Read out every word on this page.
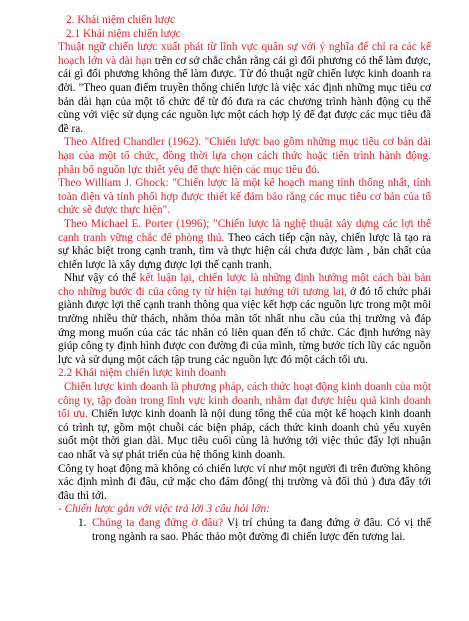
2. Khái niệm chiến lược

2.1 Khái niệm chiến lược

Thuật ngữ chiến lược xuất phát từ lĩnh vực quân sự với ý nghĩa để chỉ ra các kế hoạch lớn và dài hạn trên cơ sở chắc chắn rằng cái gì đối phương có thể làm được, cái gì đối phương không thể làm được. Từ đó thuật ngữ chiến lược kinh doanh ra đời. "Theo quan điểm truyền thống chiến lược là việc xác định những mục tiêu cơ bản dài hạn của một tổ chức để từ đó đưa ra các chương trình hành động cụ thể cùng với việc sử dụng các nguồn lực một cách hợp lý để đạt được các mục tiêu đã đề ra.

Theo Alfred Chandler (1962). "Chiến lược bao gồm những mục tiêu cơ bản dài hạn của một tổ chức, đồng thời lựa chọn cách thức hoặc tiến trình hành động. phân bổ nguồn lực thiết yếu để thực hiện các mục tiêu đó.

Theo William J. Ghock: "Chiến lược là một kế hoạch mang tính thống nhất, tính toàn diện và tính phối hợp được thiết kế đảm bảo rằng các mục tiêu cơ bản của tổ chức sẽ được thực hiện".

Theo Michael E. Porter (1996); "Chiến lược là nghệ thuật xây dựng các lợi thế cạnh tranh vững chắc để phòng thủ. Theo cách tiếp cận này, chiến lược là tạo ra sự khác biệt trong cạnh tranh, tìm và thực hiện cái chưa được làm , bản chất của chiến lược là xây dựng được lợi thế cạnh tranh.

Như vậy có thể kết luận lại, chiến lược là những định hướng một cách bài bản cho những bước đi của công ty từ hiện tại hướng tới tương lai, ở đó tổ chức phải giành được lợi thế cạnh tranh thông qua việc kết hợp các nguồn lực trong một môi trường nhiều thử thách, nhằm thỏa mãn tốt nhất nhu cầu của thị trường và đáp ứng mong muốn của các tác nhân có liên quan đến tổ chức. Các định hướng này giúp công ty định hình được con đường đi của mình, từng bước tích lũy các nguồn lực và sử dụng một cách tập trung các nguồn lực đó một cách tối ưu.

2.2 Khái niệm chiến lược kinh doanh

Chiến lược kinh doanh là phương pháp, cách thức hoạt động kinh doanh của một công ty, tập đoàn trong lĩnh vực kinh doanh, nhằm đạt được hiệu quả kinh doanh tối ưu. Chiến lược kinh doanh là nội dung tổng thể của một kế hoạch kinh doanh có trình tự, gồm một chuỗi các biện pháp, cách thức kinh doanh chủ yếu xuyên suốt một thời gian dài. Mục tiêu cuối cùng là hướng tới việc thúc đẩy lợi nhuận cao nhất và sự phát triển của hệ thống kinh doanh.

Công ty hoạt động mà không có chiến lược ví như một người đi trên đường không xác định mình đi đâu, cứ mặc cho đám đông( thị trường và đối thủ ) đưa đẩy tới đâu thì tới.

- Chiến lược gắn với việc trả lời 3 câu hỏi lớn:

1. Chúng ta đang đứng ở đâu? Vị trí chúng ta đang đứng ở đâu. Có vị thế trong ngành ra sao. Phác thảo một đường đi chiến lược đến tương lai.
